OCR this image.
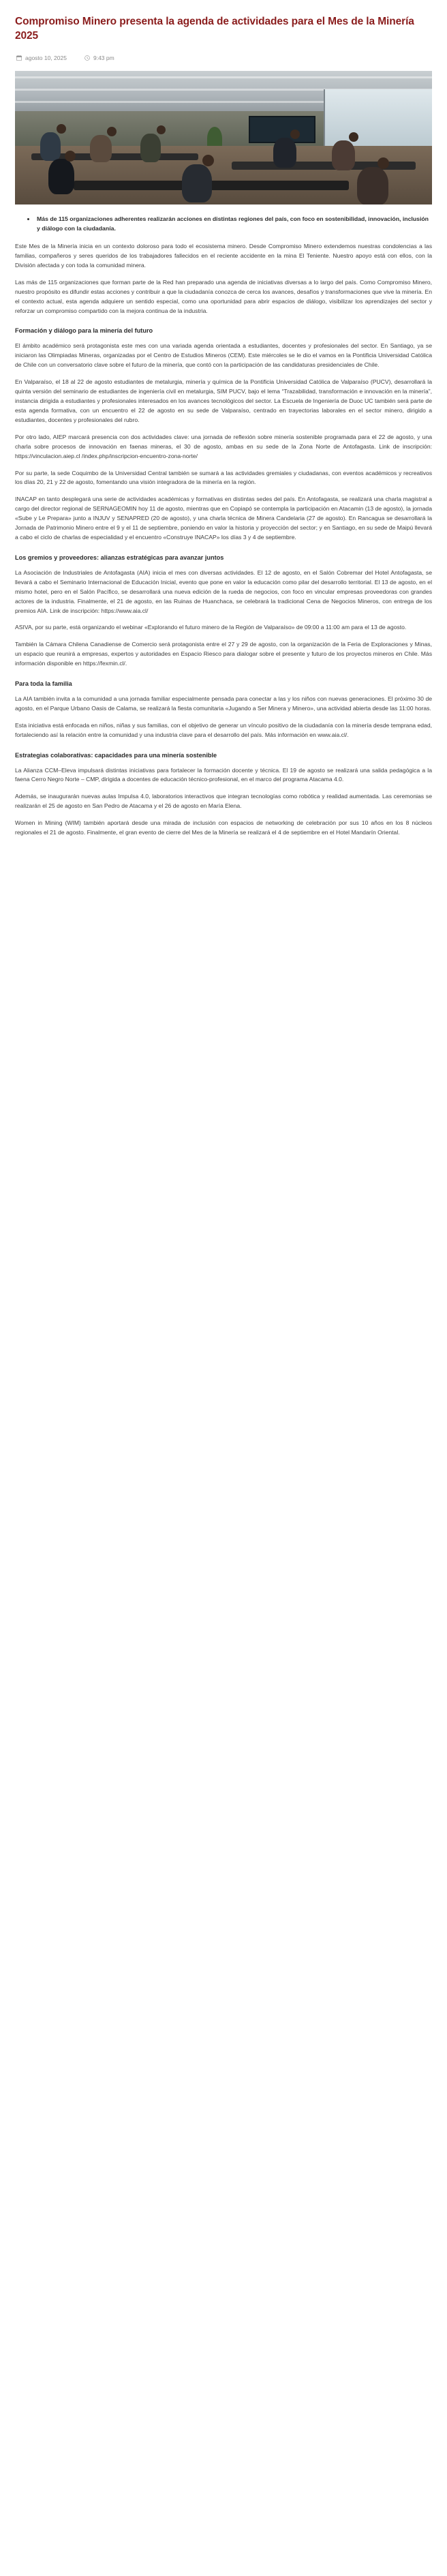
Compromiso Minero presenta la agenda de actividades para el Mes de la Minería 2025
agosto 10, 2025	9:43 pm
• Más de 115 organizaciones adherentes realizarán acciones en distintas regiones del país, con foco en sostenibilidad, innovación, inclusión y diálogo con la ciudadanía.

Este Mes de la Minería inicia en un contexto doloroso para todo el ecosistema minero. Desde Compromiso Minero extendemos nuestras condolencias a las familias, compañeros y seres queridos de los trabajadores fallecidos en el reciente accidente en la mina El Teniente. Nuestro apoyo está con ellos, con la División afectada y con toda la comunidad minera.

Las más de 115 organizaciones que forman parte de la Red han preparado una agenda de iniciativas diversas a lo largo del país. Como Compromiso Minero, nuestro propósito es difundir estas acciones y contribuir a que la ciudadanía conozca de cerca los avances, desafíos y transformaciones que vive la minería. En el contexto actual, esta agenda adquiere un sentido especial, como una oportunidad para abrir espacios de diálogo, visibilizar los aprendizajes del sector y reforzar un compromiso compartido con la mejora continua de la industria.

Formación y diálogo para la minería del futuro

El ámbito académico será protagonista este mes con una variada agenda orientada a estudiantes, docentes y profesionales del sector. En Santiago, ya se iniciaron las Olimpiadas Mineras, organizadas por el Centro de Estudios Mineros (CEM). Este miércoles se le dio el vamos en la Pontificia Universidad Católica de Chile con un conversatorio clave sobre el futuro de la minería, que contó con la participación de las candidaturas presidenciales de Chile.

En Valparaíso, el 18 al 22 de agosto estudiantes de metalurgia, minería y química de la Pontificia Universidad Católica de Valparaíso (PUCV), desarrollará la quinta versión del seminario de estudiantes de ingeniería civil en metalurgia, SIM PUCV, bajo el lema “Trazabilidad, transformación e innovación en la minería”, instancia dirigida a estudiantes y profesionales interesados en los avances tecnológicos del sector. La Escuela de Ingeniería de Duoc UC también será parte de esta agenda formativa, con un encuentro el 22 de agosto en su sede de Valparaíso, centrado en trayectorias laborales en el sector minero, dirigido a estudiantes, docentes y profesionales del rubro.

Por otro lado, AIEP marcará presencia con dos actividades clave: una jornada de reflexión sobre minería sostenible programada para el 22 de agosto, y una charla sobre procesos de innovación en faenas mineras, el 30 de agosto, ambas en su sede de la Zona Norte de Antofagasta. Link de inscripción: https://vinculacion.aiep.cl /index.php/inscripcion-encuentro-zona-norte/

Por su parte, la sede Coquimbo de la Universidad Central también se sumará a las actividades gremiales y ciudadanas, con eventos académicos y recreativos los días 20, 21 y 22 de agosto, fomentando una visión integradora de la minería en la región.

INACAP en tanto desplegará una serie de actividades académicas y formativas en distintas sedes del país. En Antofagasta, se realizará una charla magistral a cargo del director regional de SERNAGEOMIN hoy 11 de agosto, mientras que en Copiapó se contempla la participación en Atacamin (13 de agosto), la jornada «Sube y Le Prepara» junto a INJUV y SENAPRED (20 de agosto), y una charla técnica de Minera Candelaria (27 de agosto). En Rancagua se desarrollará la Jornada de Patrimonio Minero entre el 9 y el 11 de septiembre, poniendo en valor la historia y proyección del sector; y en Santiago, en su sede de Maipú llevará a cabo el ciclo de charlas de especialidad y el encuentro «Construye INACAP» los días 3 y 4 de septiembre.

Los gremios y proveedores: alianzas estratégicas para avanzar juntos

La Asociación de Industriales de Antofagasta (AIA) inicia el mes con diversas actividades. El 12 de agosto, en el Salón Cobremar del Hotel Antofagasta, se llevará a cabo el Seminario Internacional de Educación Inicial, evento que pone en valor la educación como pilar del desarrollo territorial. El 13 de agosto, en el mismo hotel, pero en el Salón Pacífico, se desarrollará una nueva edición de la rueda de negocios, con foco en vincular empresas proveedoras con grandes actores de la industria. Finalmente, el 21 de agosto, en las Ruinas de Huanchaca, se celebrará la tradicional Cena de Negocios Mineros, con entrega de los premios AIA. Link de inscripción: https://www.aia.cl/

ASIVA, por su parte, está organizando el webinar «Explorando el futuro minero de la Región de Valparaíso» de 09:00 a 11:00 am para el 13 de agosto.

También la Cámara Chilena Canadiense de Comercio será protagonista entre el 27 y 29 de agosto, con la organización de la Feria de Exploraciones y Minas, un espacio que reunirá a empresas, expertos y autoridades en Espacio Riesco para dialogar sobre el presente y futuro de los proyectos mineros en Chile. Más información disponible en https://fexmin.cl/.

Para toda la familia

La AIA también invita a la comunidad a una jornada familiar especialmente pensada para conectar a las y los niños con nuevas generaciones. El próximo 30 de agosto, en el Parque Urbano Oasis de Calama, se realizará la fiesta comunitaria «Jugando a Ser Minera y Minero», una actividad abierta desde las 11:00 horas.

Esta iniciativa está enfocada en niños, niñas y sus familias, con el objetivo de generar un vínculo positivo de la ciudadanía con la minería desde temprana edad, fortaleciendo así la relación entre la comunidad y una industria clave para el desarrollo del país. Más información en www.aia.cl/.

Estrategias colaborativas: capacidades para una minería sostenible

La Alianza CCM–Eleva impulsará distintas iniciativas para fortalecer la formación docente y técnica. El 19 de agosto se realizará una salida pedagógica a la faena Cerro Negro Norte – CMP, dirigida a docentes de educación técnico-profesional, en el marco del programa Atacama 4.0.

Además, se inaugurarán nuevas aulas Impulsa 4.0, laboratorios interactivos que integran tecnologías como robótica y realidad aumentada. Las ceremonias se realizarán el 25 de agosto en San Pedro de Atacama y el 26 de agosto en María Elena.

Women in Mining (WIM) también aportará desde una mirada de inclusión con espacios de networking de celebración por sus 10 años en los 8 núcleos regionales el 21 de agosto. Finalmente, el gran evento de cierre del Mes de la Minería se realizará el 4 de septiembre en el Hotel Mandarín Oriental.
